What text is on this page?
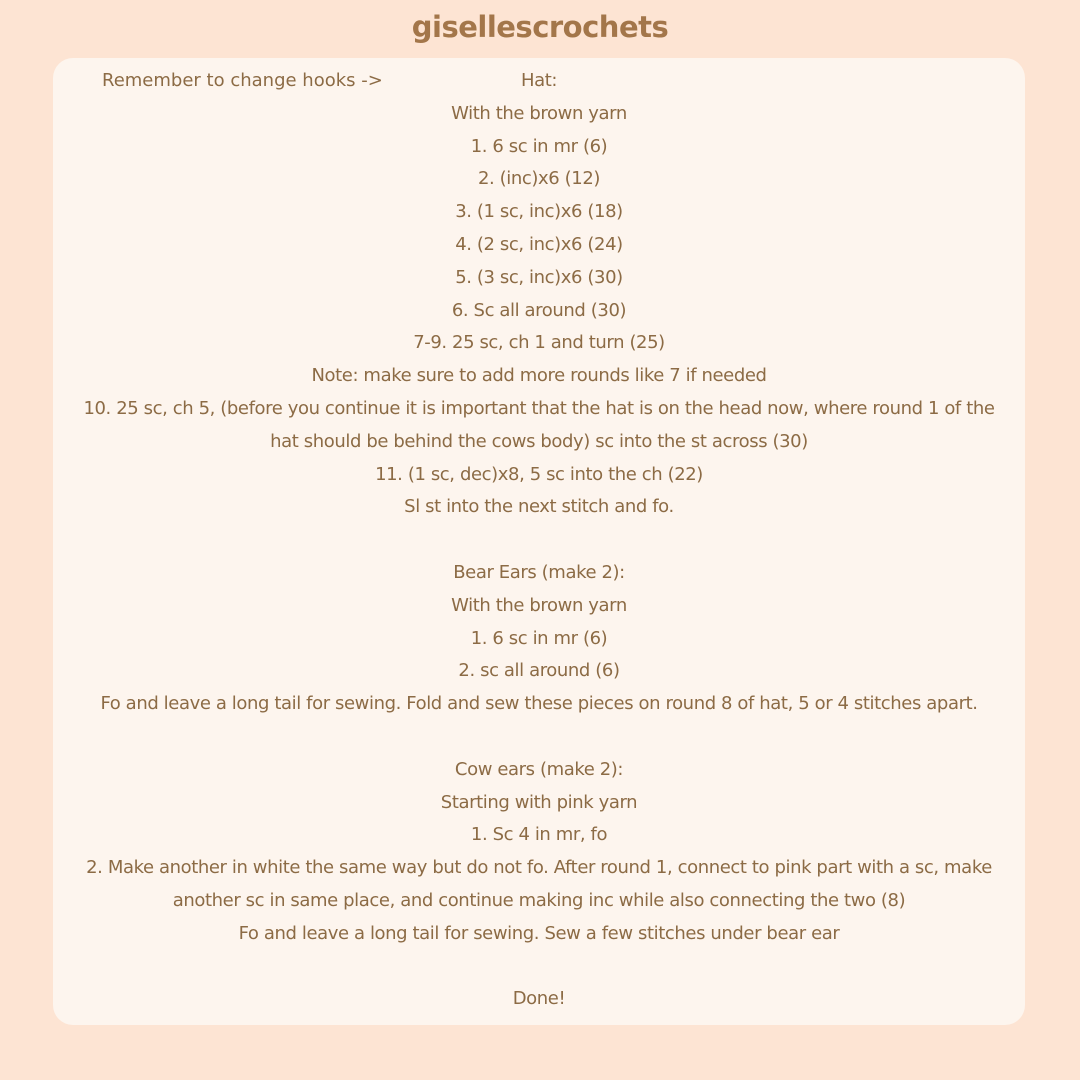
gisellescrochets
Remember to change hooks ->	Hat:
With the brown yarn
1. 6 sc in mr (6)
2. (inc)x6 (12)
3. (1 sc, inc)x6 (18)
4. (2 sc, inc)x6 (24)
5. (3 sc, inc)x6 (30)
6. Sc all around (30)
7-9. 25 sc, ch 1 and turn (25)
Note: make sure to add more rounds like 7 if needed
10. 25 sc, ch 5, (before you continue it is important that the hat is on the head now, where round 1 of the
hat should be behind the cows body) sc into the st across (30)
11. (1 sc, dec)x8, 5 sc into the ch (22)
Sl st into the next stitch and fo.
Bear Ears (make 2):
With the brown yarn
1. 6 sc in mr (6)
2. sc all around (6)
Fo and leave a long tail for sewing. Fold and sew these pieces on round 8 of hat, 5 or 4 stitches apart.
Cow ears (make 2):
Starting with pink yarn
1. Sc 4 in mr, fo
2. Make another in white the same way but do not fo. After round 1, connect to pink part with a sc, make
another sc in same place, and continue making inc while also connecting the two (8)
Fo and leave a long tail for sewing. Sew a few stitches under bear ear
Done!
